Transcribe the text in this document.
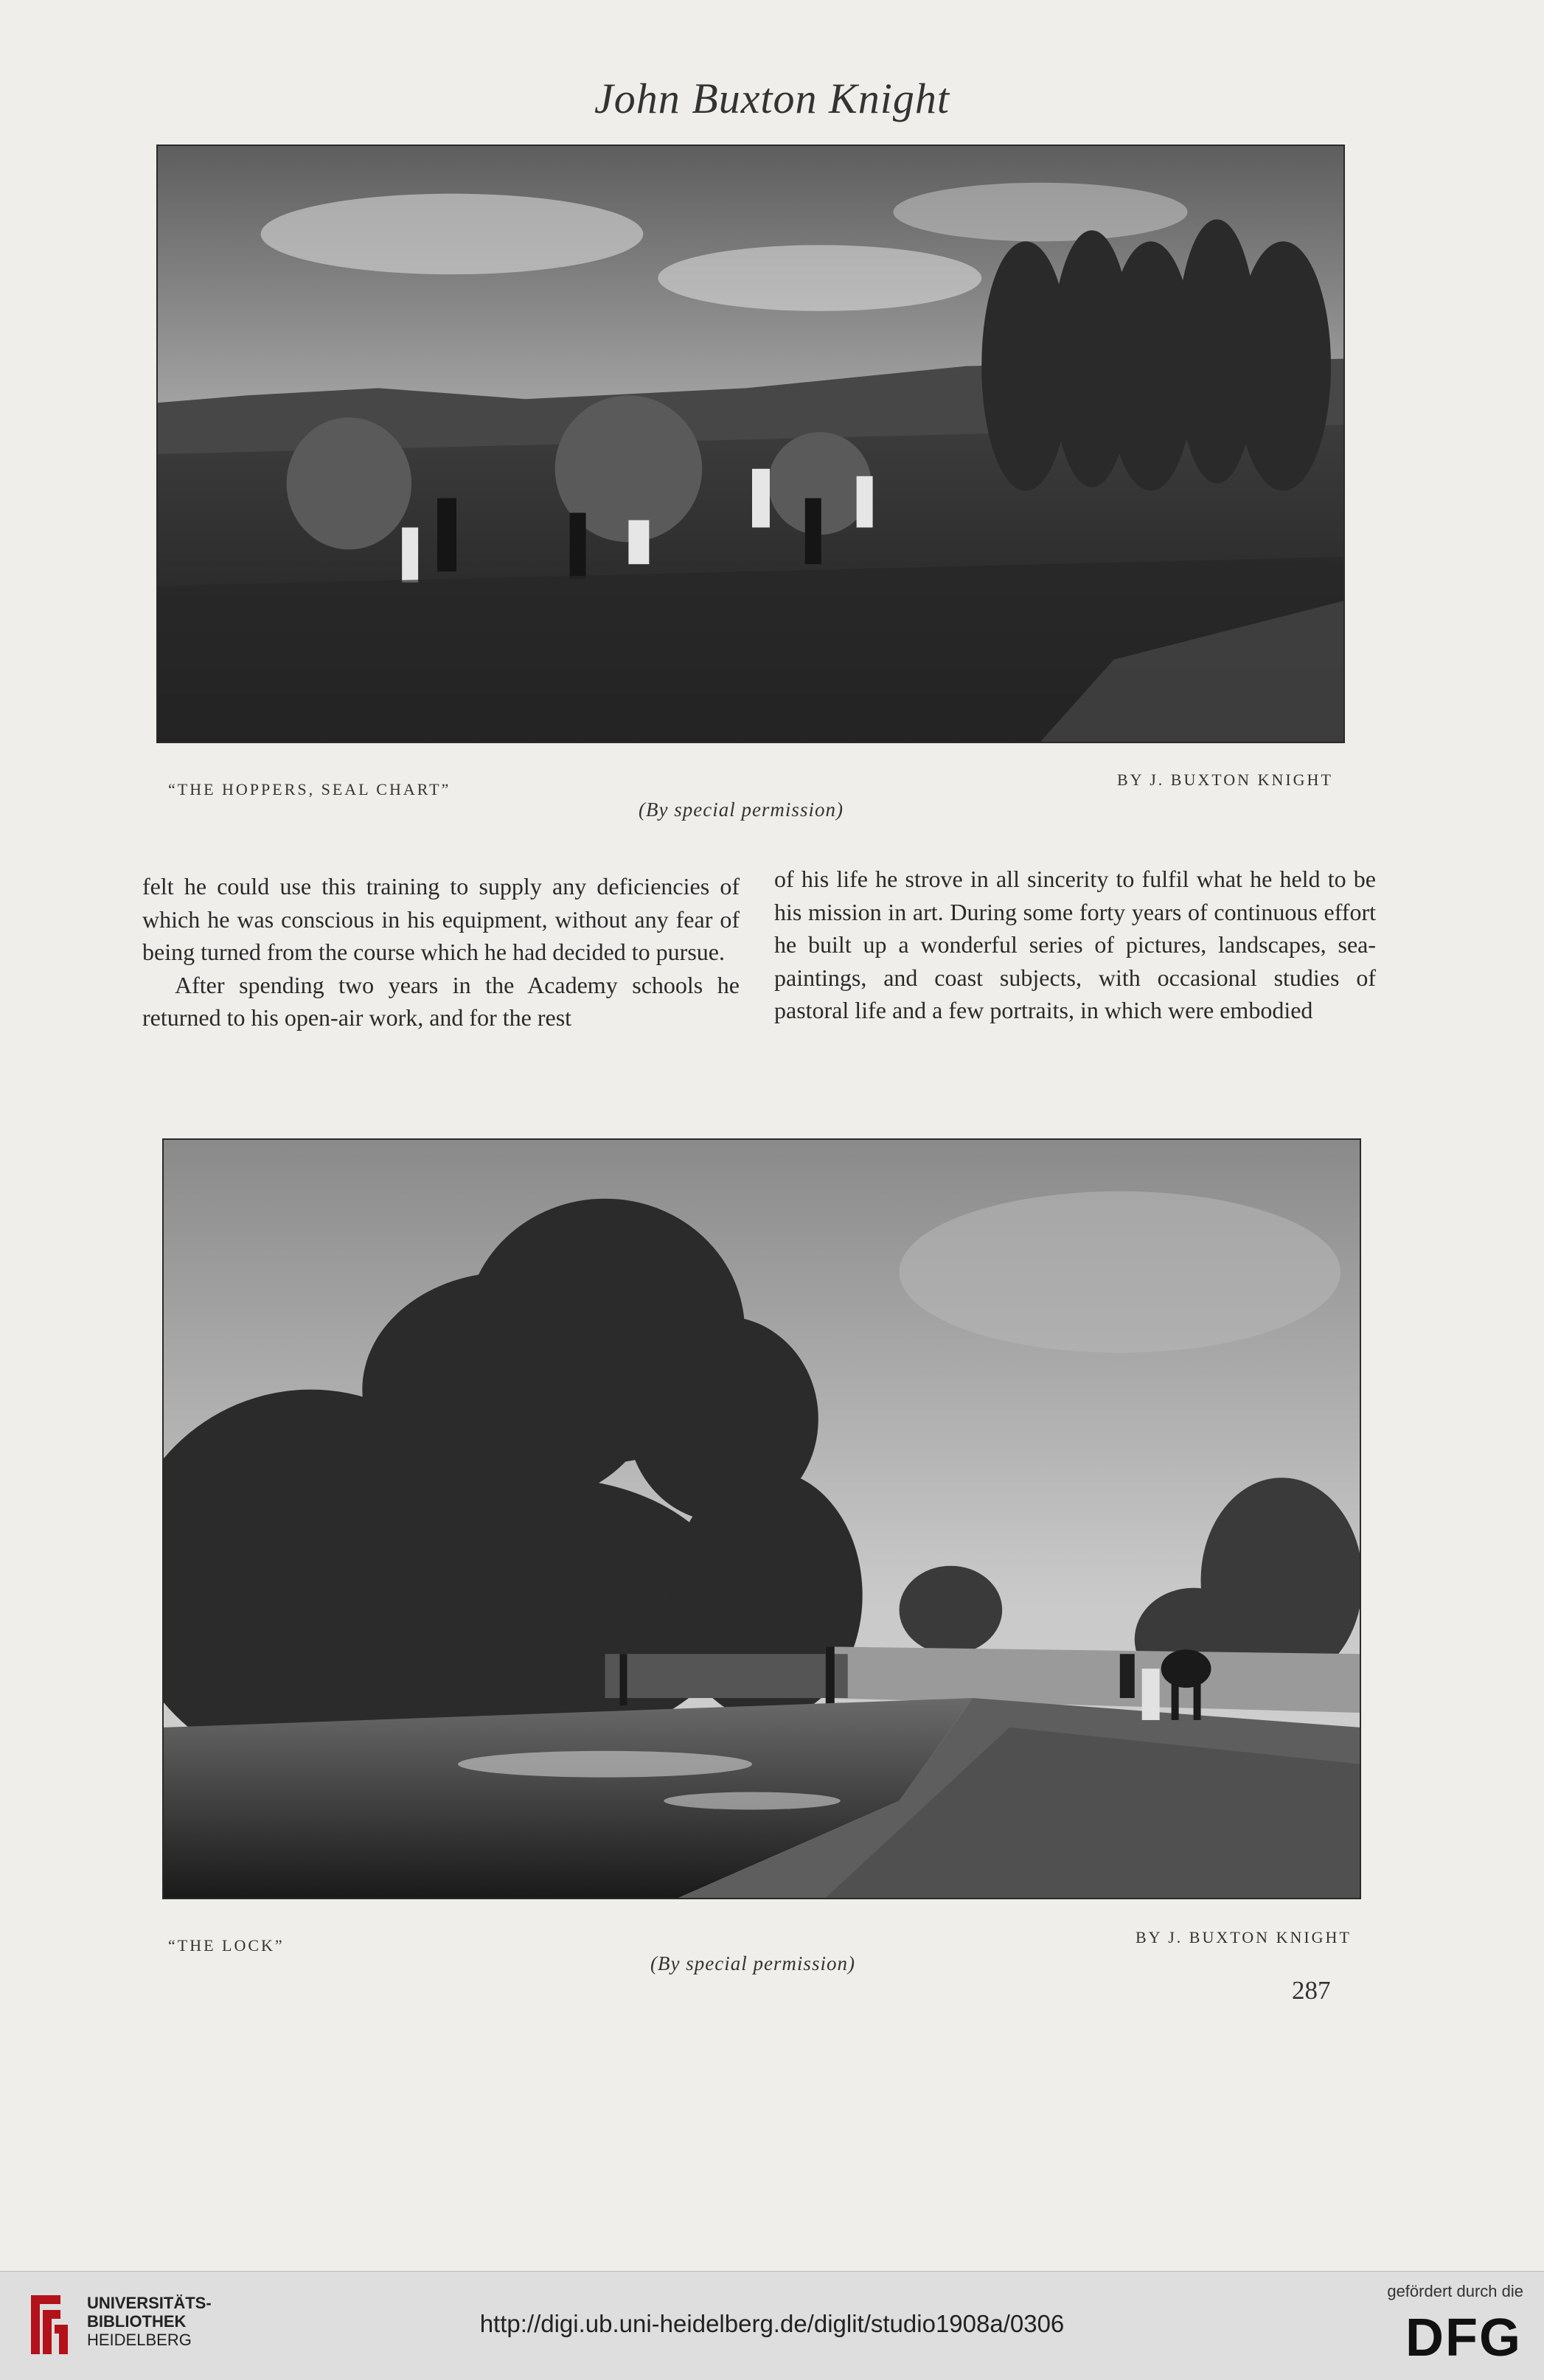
John Buxton Knight
“THE HOPPERS, SEAL CHART”
BY J. BUXTON KNIGHT
(By special permission)

felt he could use this training to supply any deficiencies of which he was conscious in his equipment, without any fear of being turned from the course which he had decided to pursue.

After spending two years in the Academy schools he returned to his open-air work, and for the rest

of his life he strove in all sincerity to fulfil what he held to be his mission in art. During some forty years of continuous effort he built up a wonderful series of pictures, landscapes, sea-paintings, and coast subjects, with occasional studies of pastoral life and a few portraits, in which were embodied

“THE LOCK”	BY J. BUXTON KNIGHT
(By special permission)
287
UNIVERSITÄTS-
BIBLIOTHEK
HEIDELBERG
http://digi.ub.uni-heidelberg.de/diglit/studio1908a/0306
gefördert durch die
DFG
